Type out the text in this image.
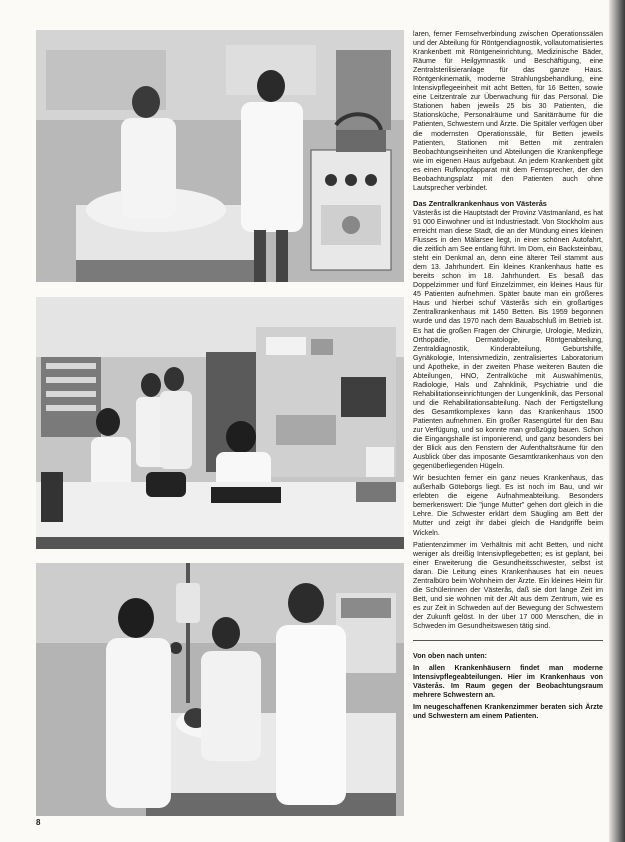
laren, ferner Fernsehverbindung zwischen Operationssälen und der Abteilung für Röntgendiagnostik, vollautomatisiertes Krankenbett mit Röntgeneinrichtung, Medizinische Bäder, Räume für Heilgymnastik und Beschäftigung, eine Zentralsterilisieranlage für das ganze Haus. Röntgenkinematik, moderne Strahlungsbehandlung, eine Intensivpflegeeinheit mit acht Betten, für 16 Betten, sowie eine Leitzentrale zur Überwachung für das Personal. Die Stationen haben jeweils 25 bis 30 Patienten, die Stationsküche, Personalräume und Sanitärräume für die Patienten, Schwestern und Ärzte. Die Spitäler verfügen über die modernsten Operationssäle, für Betten jeweils Patienten, Stationen mit Betten mit zentralen Beobachtungseinheiten und Abteilungen die Krankenpflege wie im eigenen Haus aufgebaut. An jedem Krankenbett gibt es einen Rufknopfapparat mit dem Fernsprecher, der den Beobachtungsplatz mit den Patienten auch ohne Lautsprecher verbindet.

Das Zentralkrankenhaus von Västerås

Västerås ist die Hauptstadt der Provinz Västmanland, es hat 91 000 Einwohner und ist Industriestadt. Von Stockholm aus erreicht man diese Stadt, die an der Mündung eines kleinen Flusses in den Mälarsee liegt, in einer schönen Autofahrt, die zeitlich am See entlang führt. Im Dom, ein Backsteinbau, steht ein Denkmal an, denn eine älterer Teil stammt aus dem 13. Jahrhundert. Ein kleines Krankenhaus hatte es bereits schon im 18. Jahrhundert. Es besaß das Doppelzimmer und fünf Einzelzimmer, ein kleines Haus für 45 Patienten aufnehmen. Später baute man ein größeres Haus und hierbei schuf Västerås sich ein großartiges Zentralkrankenhaus mit 1450 Betten. Bis 1959 begonnen wurde und das 1970 nach dem Bauabschluß im Betrieb ist. Es hat die großen Fragen der Chirurgie, Urologie, Medizin, Orthopädie, Dermatologie, Röntgenabteilung, Zentraldiagnostik, Kinderabteilung, Geburtshilfe, Gynäkologie, Intensivmedizin, zentralisiertes Laboratorium und Apotheke, in der zweiten Phase weiteren Bauten die Abteilungen, HNO, Zentralküche mit Auswahlmenüs, Radiologie, Hals und Zahnklinik, Psychiatrie und die Rehabilitationseinrichtungen der Lungenklinik, das Personal und die Rehabilitationsabteilung. Nach der Fertigstellung des Gesamtkomplexes kann das Krankenhaus 1500 Patienten aufnehmen. Ein großer Rasengürtel für den Bau zur Verfügung, und so konnte man großzügig bauen. Schon die Eingangshalle ist imponierend, und ganz besonders bei der Blick aus den Fenstern der Aufenthaltsräume für den Ausblick über das imposante Gesamtkrankenhaus von den gegenüberliegenden Hügeln.

Wir besuchten ferner ein ganz neues Krankenhaus, das außerhalb Göteborgs liegt. Es ist noch im Bau, und wir erlebten die eigene Aufnahmeabteilung. Besonders bemerkenswert: Die "junge Mutter" gehen dort gleich in die Lehre. Die Schwester erklärt dem Säugling am Bett der Mutter und zeigt ihr dabei gleich die Handgriffe beim Wickeln.

Patientenzimmer im Verhältnis mit acht Betten, und nicht weniger als dreißig Intensivpflegebetten; es ist geplant, bei einer Erweiterung die Gesundheitsschwester, selbst ist daran. Die Leitung eines Krankenhauses hat ein neues Zentralbüro beim Wohnheim der Ärzte. Ein kleines Heim für die Schülerinnen der Västerås, daß sie dort lange Zeit im Bett, und sie wohnen mit der Alt aus dem Zentrum, wie es es zur Zeit in Schweden auf der Bewegung der Schwestern der Zukunft gelöst. In der über 17 000 Menschen, die in Schweden im Gesundheitswesen tätig sind.

Von oben nach unten:

In allen Krankenhäusern findet man moderne Intensivpflegeabteilungen. Hier im Krankenhaus von Västerås. Im Raum gegen der Beobachtungsraum mehrere Schwestern an.

Im neugeschaffenen Krankenzimmer beraten sich Ärzte und Schwestern am einem Patienten.

8
